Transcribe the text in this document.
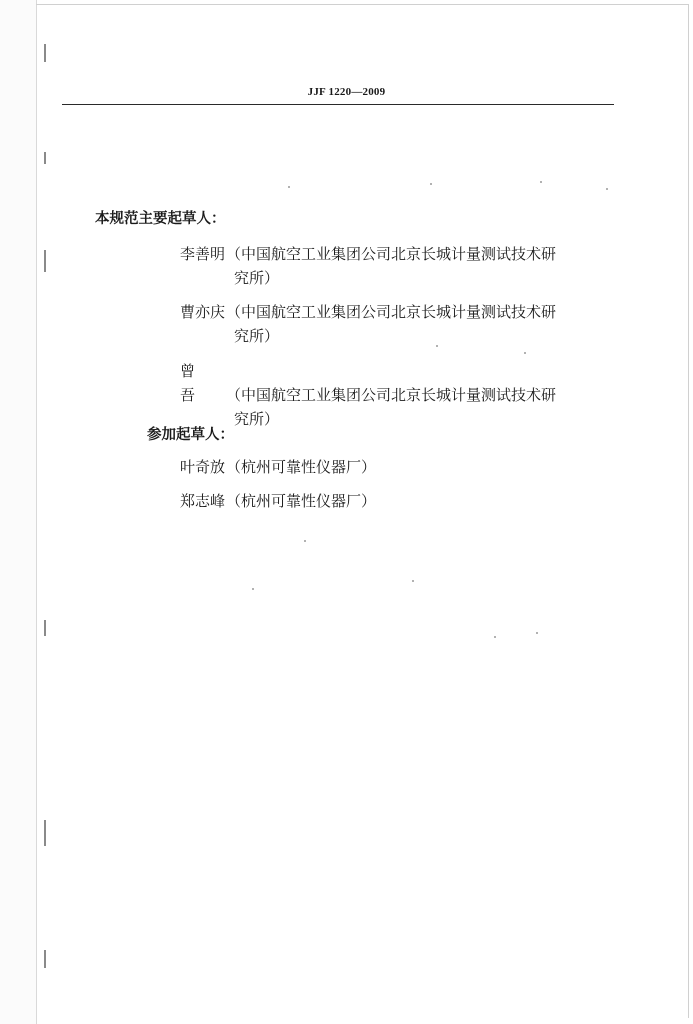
JJF 1220—2009
本规范主要起草人：
李善明（中国航空工业集团公司北京长城计量测试技术研
究所）
曹亦庆（中国航空工业集团公司北京长城计量测试技术研
究所）
曾吾 （中国航空工业集团公司北京长城计量测试技术研
究所）
参加起草人：
叶奇放（杭州可靠性仪器厂）
郑志峰（杭州可靠性仪器厂）
